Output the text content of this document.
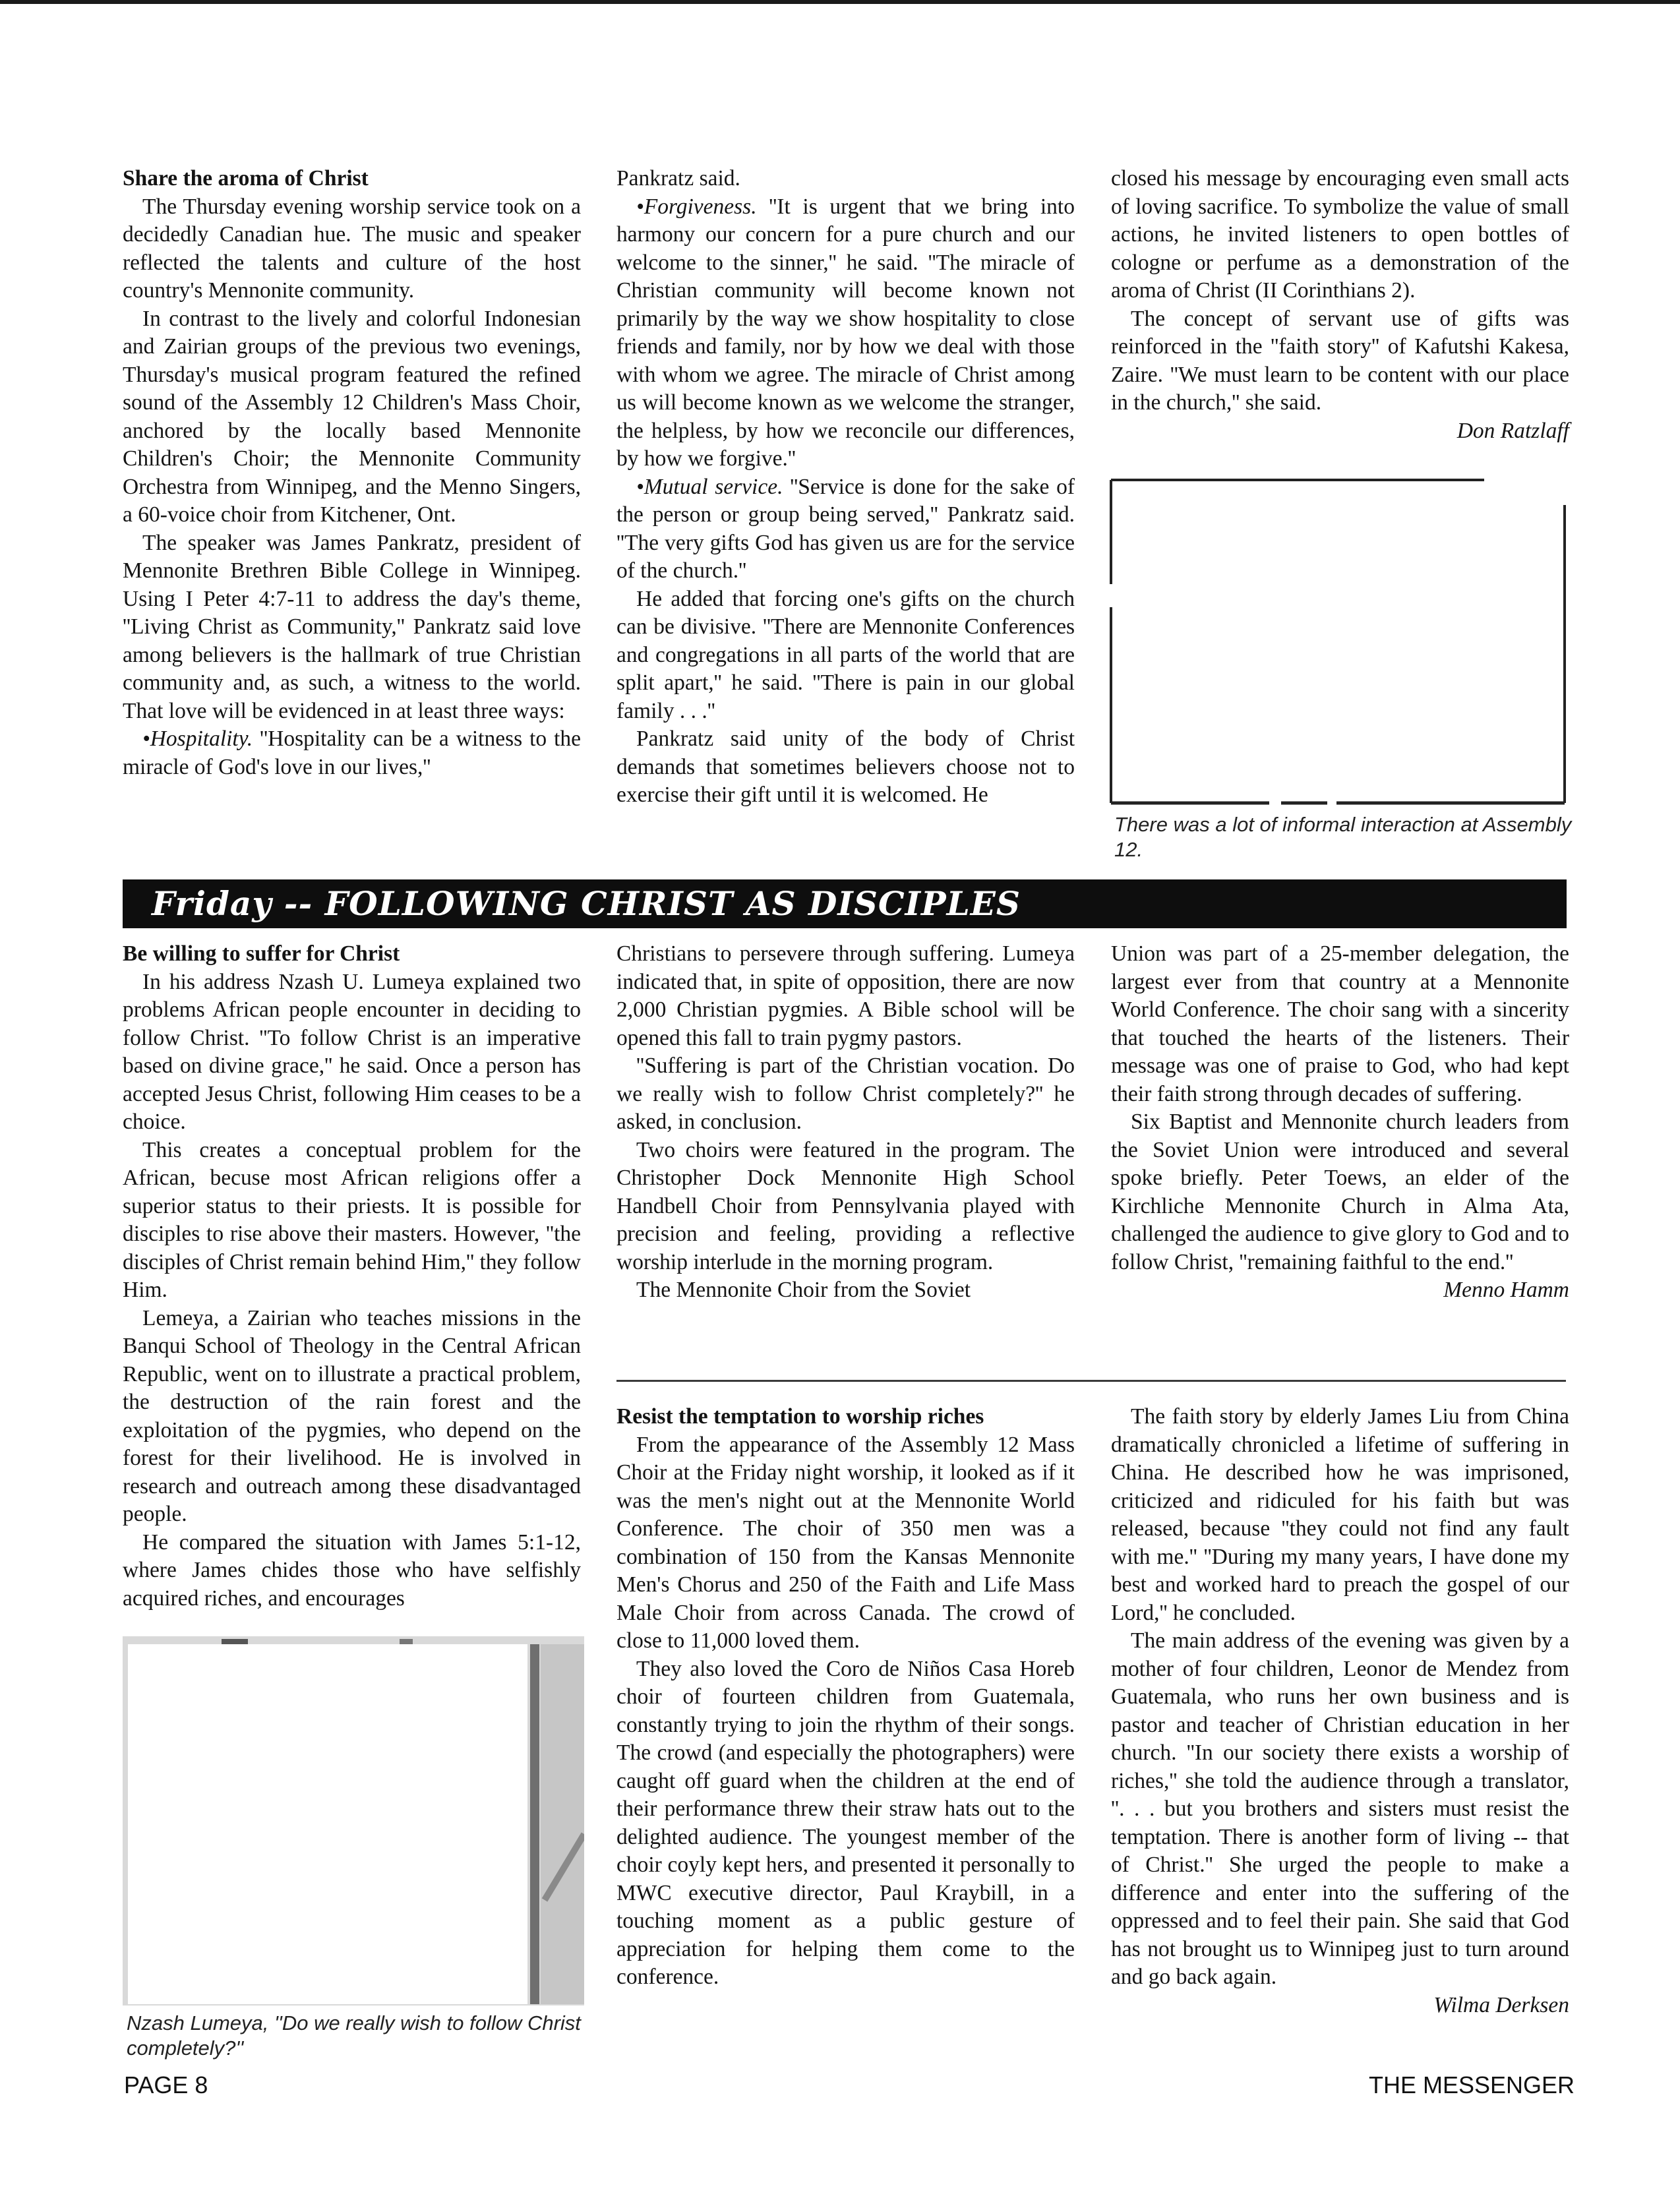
Share the aroma of Christ

The Thursday evening worship service took on a decidedly Canadian hue. The music and speaker reflected the talents and culture of the host country's Mennonite community.

In contrast to the lively and colorful Indonesian and Zairian groups of the previous two evenings, Thursday's musical program featured the refined sound of the Assembly 12 Children's Mass Choir, anchored by the locally based Mennonite Children's Choir; the Mennonite Community Orchestra from Winnipeg, and the Menno Singers, a 60-voice choir from Kitchener, Ont.

The speaker was James Pankratz, president of Mennonite Brethren Bible College in Winnipeg. Using I Peter 4:7-11 to address the day's theme, ''Living Christ as Community,'' Pankratz said love among believers is the hallmark of true Christian community and, as such, a witness to the world. That love will be evidenced in at least three ways:

•Hospitality. ''Hospitality can be a witness to the miracle of God's love in our lives,''

Pankratz said.

•Forgiveness. ''It is urgent that we bring into harmony our concern for a pure church and our welcome to the sinner,'' he said. ''The miracle of Christian community will become known not primarily by the way we show hospitality to close friends and family, nor by how we deal with those with whom we agree. The miracle of Christ among us will become known as we welcome the stranger, the helpless, by how we reconcile our differences, by how we forgive.''

•Mutual service. ''Service is done for the sake of the person or group being served,'' Pankratz said. ''The very gifts God has given us are for the service of the church.''

He added that forcing one's gifts on the church can be divisive. ''There are Mennonite Conferences and congregations in all parts of the world that are split apart,'' he said. ''There is pain in our global family . . .''

Pankratz said unity of the body of Christ demands that sometimes believers choose not to exercise their gift until it is welcomed. He

closed his message by encouraging even small acts of loving sacrifice. To symbolize the value of small actions, he invited listeners to open bottles of cologne or perfume as a demonstration of the aroma of Christ (II Corinthians 2).

The concept of servant use of gifts was reinforced in the ''faith story'' of Kafutshi Kakesa, Zaire. ''We must learn to be content with our place in the church,'' she said.

Don Ratzlaff

There was a lot of informal interaction at Assembly 12.
Friday -- FOLLOWING CHRIST AS DISCIPLES

Be willing to suffer for Christ

In his address Nzash U. Lumeya explained two problems African people encounter in deciding to follow Christ. ''To follow Christ is an imperative based on divine grace,'' he said. Once a person has accepted Jesus Christ, following Him ceases to be a choice.

This creates a conceptual problem for the African, becuse most African religions offer a superior status to their priests. It is possible for disciples to rise above their masters. However, ''the disciples of Christ remain behind Him,'' they follow Him.

Lemeya, a Zairian who teaches missions in the Banqui School of Theology in the Central African Republic, went on to illustrate a practical problem, the destruction of the rain forest and the exploitation of the pygmies, who depend on the forest for their livelihood. He is involved in research and outreach among these disadvantaged people.

He compared the situation with James 5:1-12, where James chides those who have selfishly acquired riches, and encourages

Nzash Lumeya, ''Do we really wish to follow Christ completely?''

Christians to persevere through suffering. Lumeya indicated that, in spite of opposition, there are now 2,000 Christian pygmies. A Bible school will be opened this fall to train pygmy pastors.

''Suffering is part of the Christian vocation. Do we really wish to follow Christ completely?'' he asked, in conclusion.

Two choirs were featured in the program. The Christopher Dock Mennonite High School Handbell Choir from Pennsylvania played with precision and feeling, providing a reflective worship interlude in the morning program.

The Mennonite Choir from the Soviet

Union was part of a 25-member delegation, the largest ever from that country at a Mennonite World Conference. The choir sang with a sincerity that touched the hearts of the listeners. Their message was one of praise to God, who had kept their faith strong through decades of suffering.

Six Baptist and Mennonite church leaders from the Soviet Union were introduced and several spoke briefly. Peter Toews, an elder of the Kirchliche Mennonite Church in Alma Ata, challenged the audience to give glory to God and to follow Christ, ''remaining faithful to the end.''

Menno Hamm

Resist the temptation to worship riches

From the appearance of the Assembly 12 Mass Choir at the Friday night worship, it looked as if it was the men's night out at the Mennonite World Conference. The choir of 350 men was a combination of 150 from the Kansas Mennonite Men's Chorus and 250 of the Faith and Life Mass Male Choir from across Canada. The crowd of close to 11,000 loved them.

They also loved the Coro de Niños Casa Horeb choir of fourteen children from Guatemala, constantly trying to join the rhythm of their songs. The crowd (and especially the photographers) were caught off guard when the children at the end of their performance threw their straw hats out to the delighted audience. The youngest member of the choir coyly kept hers, and presented it personally to MWC executive director, Paul Kraybill, in a touching moment as a public gesture of appreciation for helping them come to the conference.

The faith story by elderly James Liu from China dramatically chronicled a lifetime of suffering in China. He described how he was imprisoned, criticized and ridiculed for his faith but was released, because ''they could not find any fault with me.'' ''During my many years, I have done my best and worked hard to preach the gospel of our Lord,'' he concluded.

The main address of the evening was given by a mother of four children, Leonor de Mendez from Guatemala, who runs her own business and is pastor and teacher of Christian education in her church. ''In our society there exists a worship of riches,'' she told the audience through a translator, ''. . . but you brothers and sisters must resist the temptation. There is another form of living -- that of Christ.'' She urged the people to make a difference and enter into the suffering of the oppressed and to feel their pain. She said that God has not brought us to Winnipeg just to turn around and go back again.

Wilma Derksen

PAGE 8	THE MESSENGER
